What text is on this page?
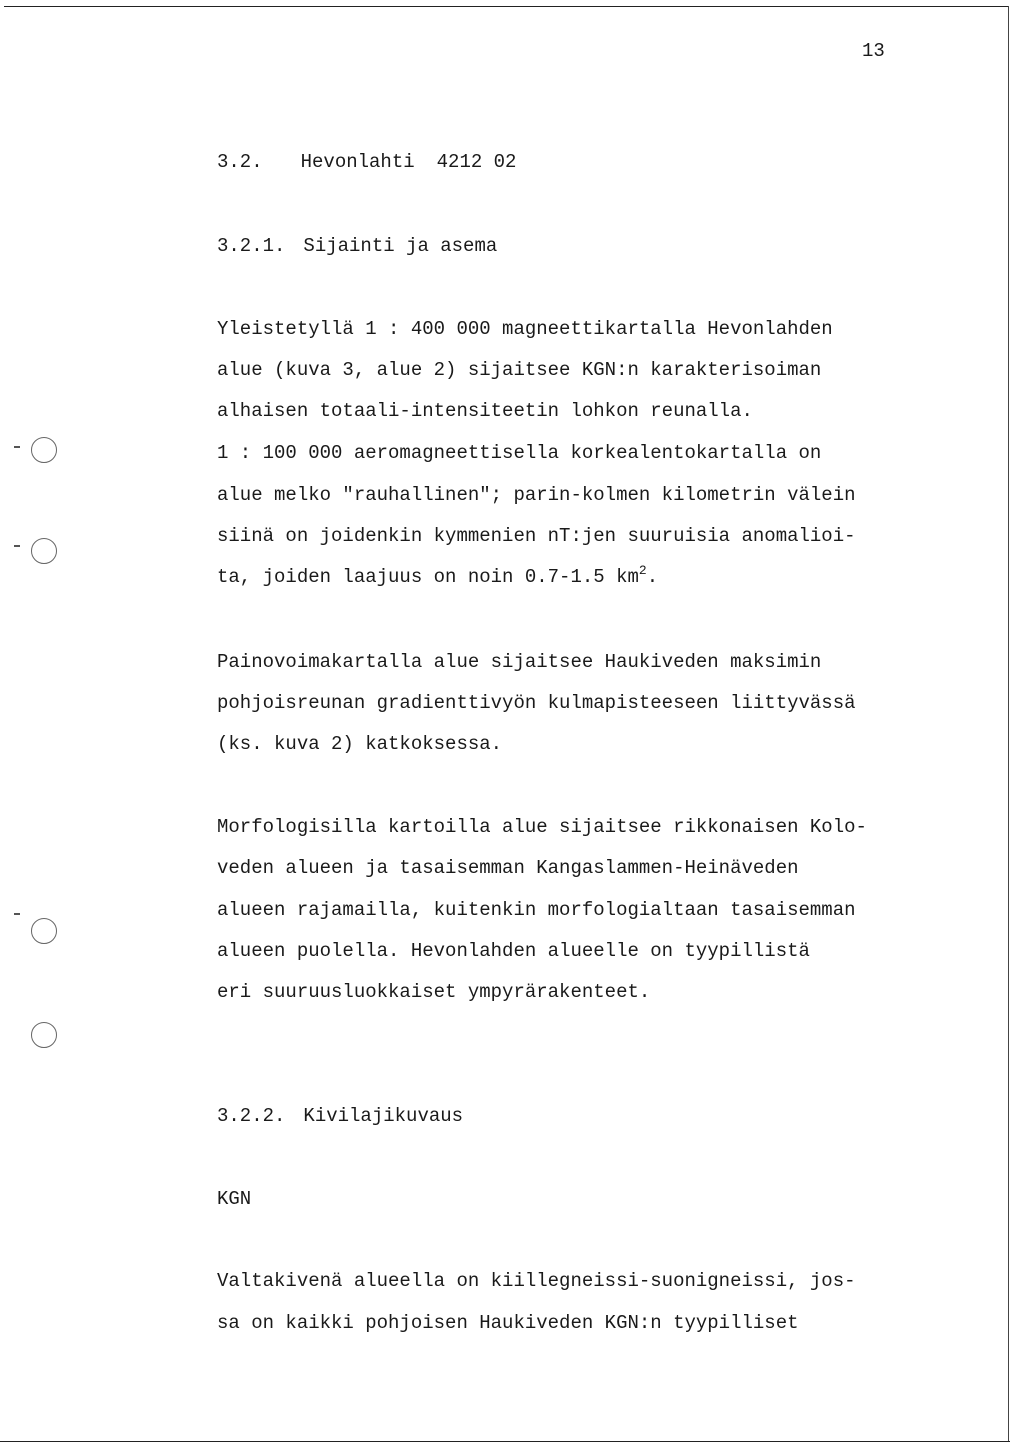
13
3.2. Hevonlahti 4212 02
3.2.1. Sijainti ja asema
Yleistetyllä 1 : 400 000 magneettikartalla Hevonlahden
alue (kuva 3, alue 2) sijaitsee KGN:n karakterisoiman
alhaisen totaali-intensiteetin lohkon reunalla.
1 : 100 000 aeromagneettisella korkealentokartalla on
alue melko "rauhallinen"; parin-kolmen kilometrin välein
siinä on joidenkin kymmenien nT:jen suuruisia anomalioi-
ta, joiden laajuus on noin 0.7-1.5 $km^2$.
Painovoimakartalla alue sijaitsee Haukiveden maksimin
pohjoisreunan gradienttivyön kulmapisteeseen liittyvässä
(ks. kuva 2) katkoksessa.
Morfologisilla kartoilla alue sijaitsee rikkonaisen Kolo-
veden alueen ja tasaisemman Kangaslammen-Heinäveden
alueen rajamailla, kuitenkin morfologialtaan tasaisemman
alueen puolella. Hevonlahden alueelle on tyypillistä
eri suuruusluokkaiset ympyrärakenteet.
3.2.2. Kivilajikuvaus
KGN
Valtakivenä alueella on kiillegneissi-suonigneissi, jos-
sa on kaikki pohjoisen Haukiveden KGN:n tyypilliset
